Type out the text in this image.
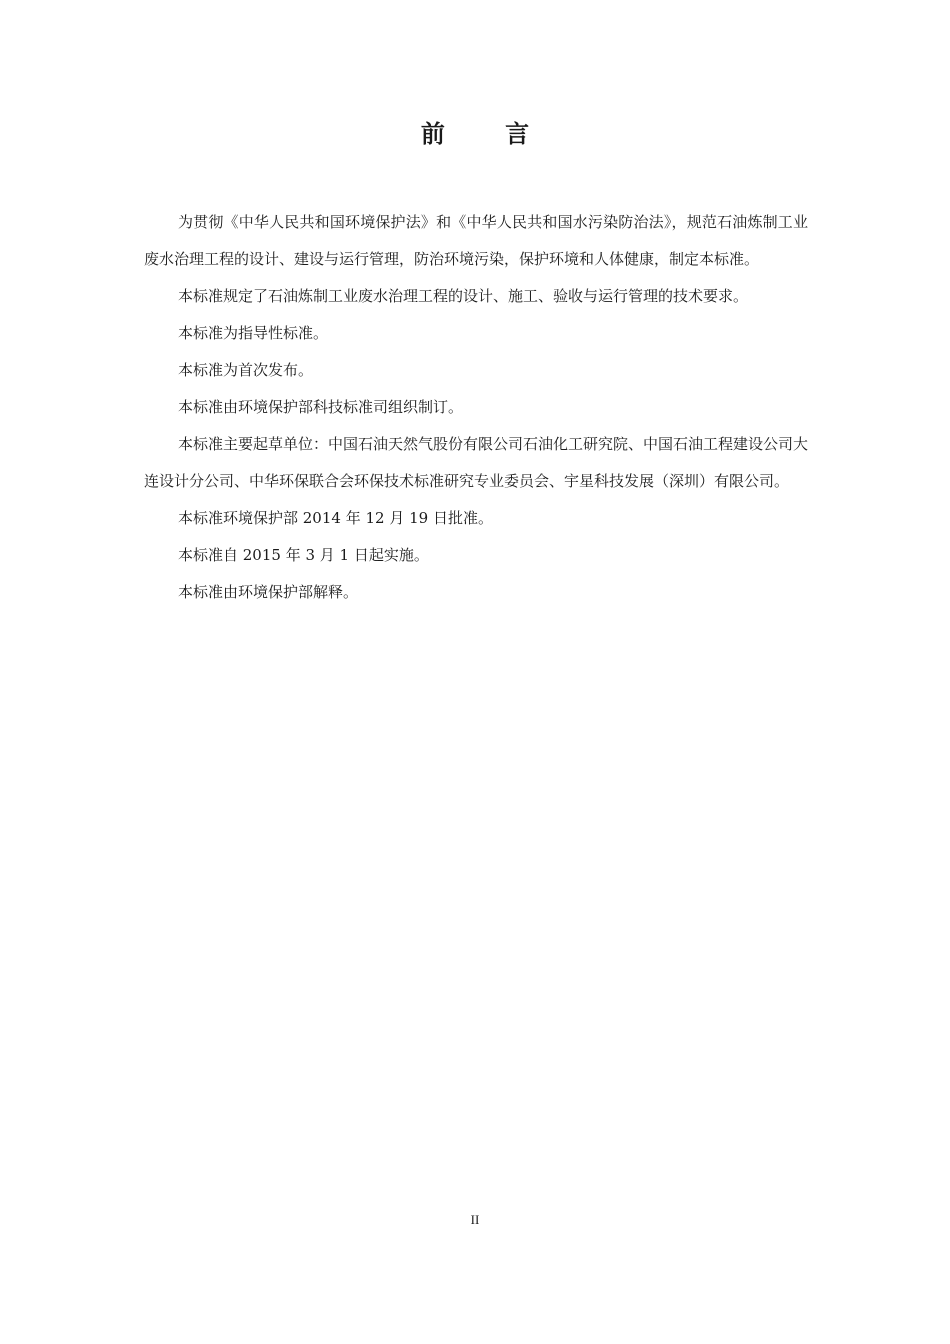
前 言

为贯彻《中华人民共和国环境保护法》和《中华人民共和国水污染防治法》，规范石油炼制工业废水治理工程的设计、建设与运行管理，防治环境污染，保护环境和人体健康，制定本标准。

本标准规定了石油炼制工业废水治理工程的设计、施工、验收与运行管理的技术要求。

本标准为指导性标准。

本标准为首次发布。

本标准由环境保护部科技标准司组织制订。

本标准主要起草单位：中国石油天然气股份有限公司石油化工研究院、中国石油工程建设公司大连设计分公司、中华环保联合会环保技术标准研究专业委员会、宇星科技发展（深圳）有限公司。

本标准环境保护部 2014 年 12 月 19 日批准。

本标准自 2015 年 3 月 1 日起实施。

本标准由环境保护部解释。

II
